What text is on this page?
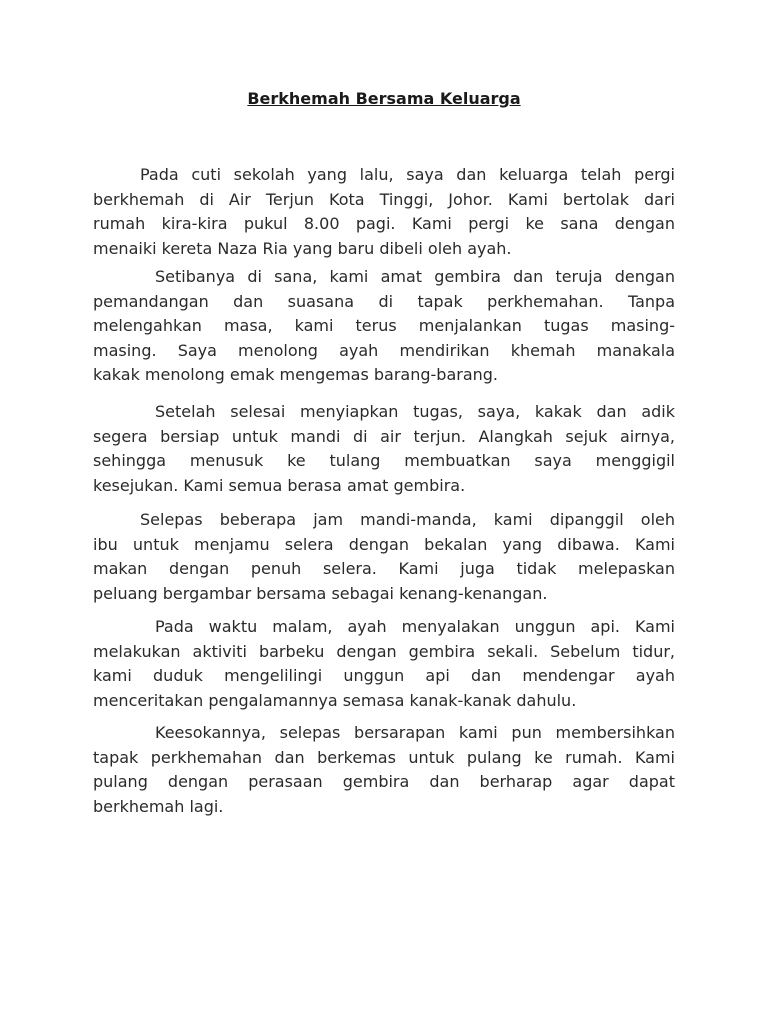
Berkhemah Bersama Keluarga
Pada cuti sekolah yang lalu, saya dan keluarga telah pergi
berkhemah di Air Terjun Kota Tinggi, Johor. Kami bertolak dari
rumah kira-kira pukul 8.00 pagi. Kami pergi ke sana dengan
menaiki kereta Naza Ria yang baru dibeli oleh ayah.
Setibanya di sana, kami amat gembira dan teruja dengan
pemandangan dan suasana di tapak perkhemahan. Tanpa
melengahkan masa, kami terus menjalankan tugas masing-
masing. Saya menolong ayah mendirikan khemah manakala
kakak menolong emak mengemas barang-barang.
Setelah selesai menyiapkan tugas, saya, kakak dan adik
segera bersiap untuk mandi di air terjun. Alangkah sejuk airnya,
sehingga menusuk ke tulang membuatkan saya menggigil
kesejukan. Kami semua berasa amat gembira.
Selepas beberapa jam mandi-manda, kami dipanggil oleh
ibu untuk menjamu selera dengan bekalan yang dibawa. Kami
makan dengan penuh selera. Kami juga tidak melepaskan
peluang bergambar bersama sebagai kenang-kenangan.
Pada waktu malam, ayah menyalakan unggun api. Kami
melakukan aktiviti barbeku dengan gembira sekali. Sebelum tidur,
kami duduk mengelilingi unggun api dan mendengar ayah
menceritakan pengalamannya semasa kanak-kanak dahulu.
Keesokannya, selepas bersarapan kami pun membersihkan
tapak perkhemahan dan berkemas untuk pulang ke rumah. Kami
pulang dengan perasaan gembira dan berharap agar dapat
berkhemah lagi.
